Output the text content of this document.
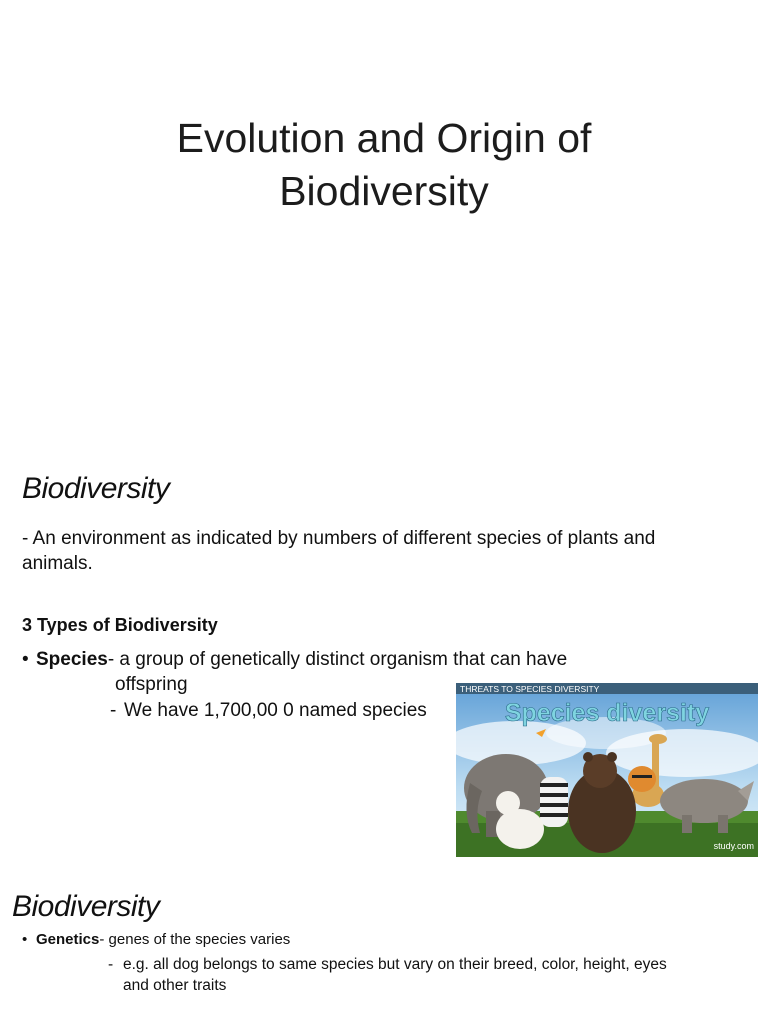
Evolution and Origin of
Biodiversity
Biodiversity
- An environment as indicated by numbers of different species of plants and animals.
3 Types of Biodiversity
• Species- a group of genetically distinct organism that can have
offspring
- We have 1,700,00 0 named species
THREATS TO SPECIES DIVERSITY
Species diversity
study.com
Biodiversity
• Genetics- genes of the species varies
- e.g. all dog belongs to same species but vary on their breed, color, height, eyes and other traits
